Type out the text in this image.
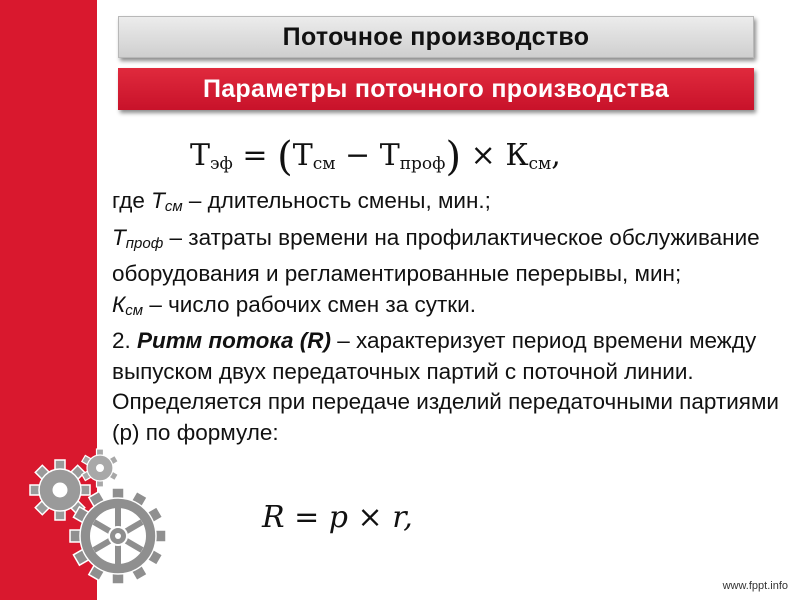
Поточное производство
Параметры поточного производства
$Т_{эф} = (Т_{см} - Т_{проф}) \times К_{см}$,

где $Т_{см}$ – длительность смены, мин.;

$Т_{проф}$ – затраты времени на профилактическое обслуживание оборудования и регламентированные перерывы, мин;

$К_{см}$ – число рабочих смен за сутки.

2. Ритм потока (R) – характеризует период времени между выпуском двух передаточных партий с поточной линии. Определяется при передаче изделий передаточными партиями (р) по формуле:

R = p × r,
www.fppt.info
